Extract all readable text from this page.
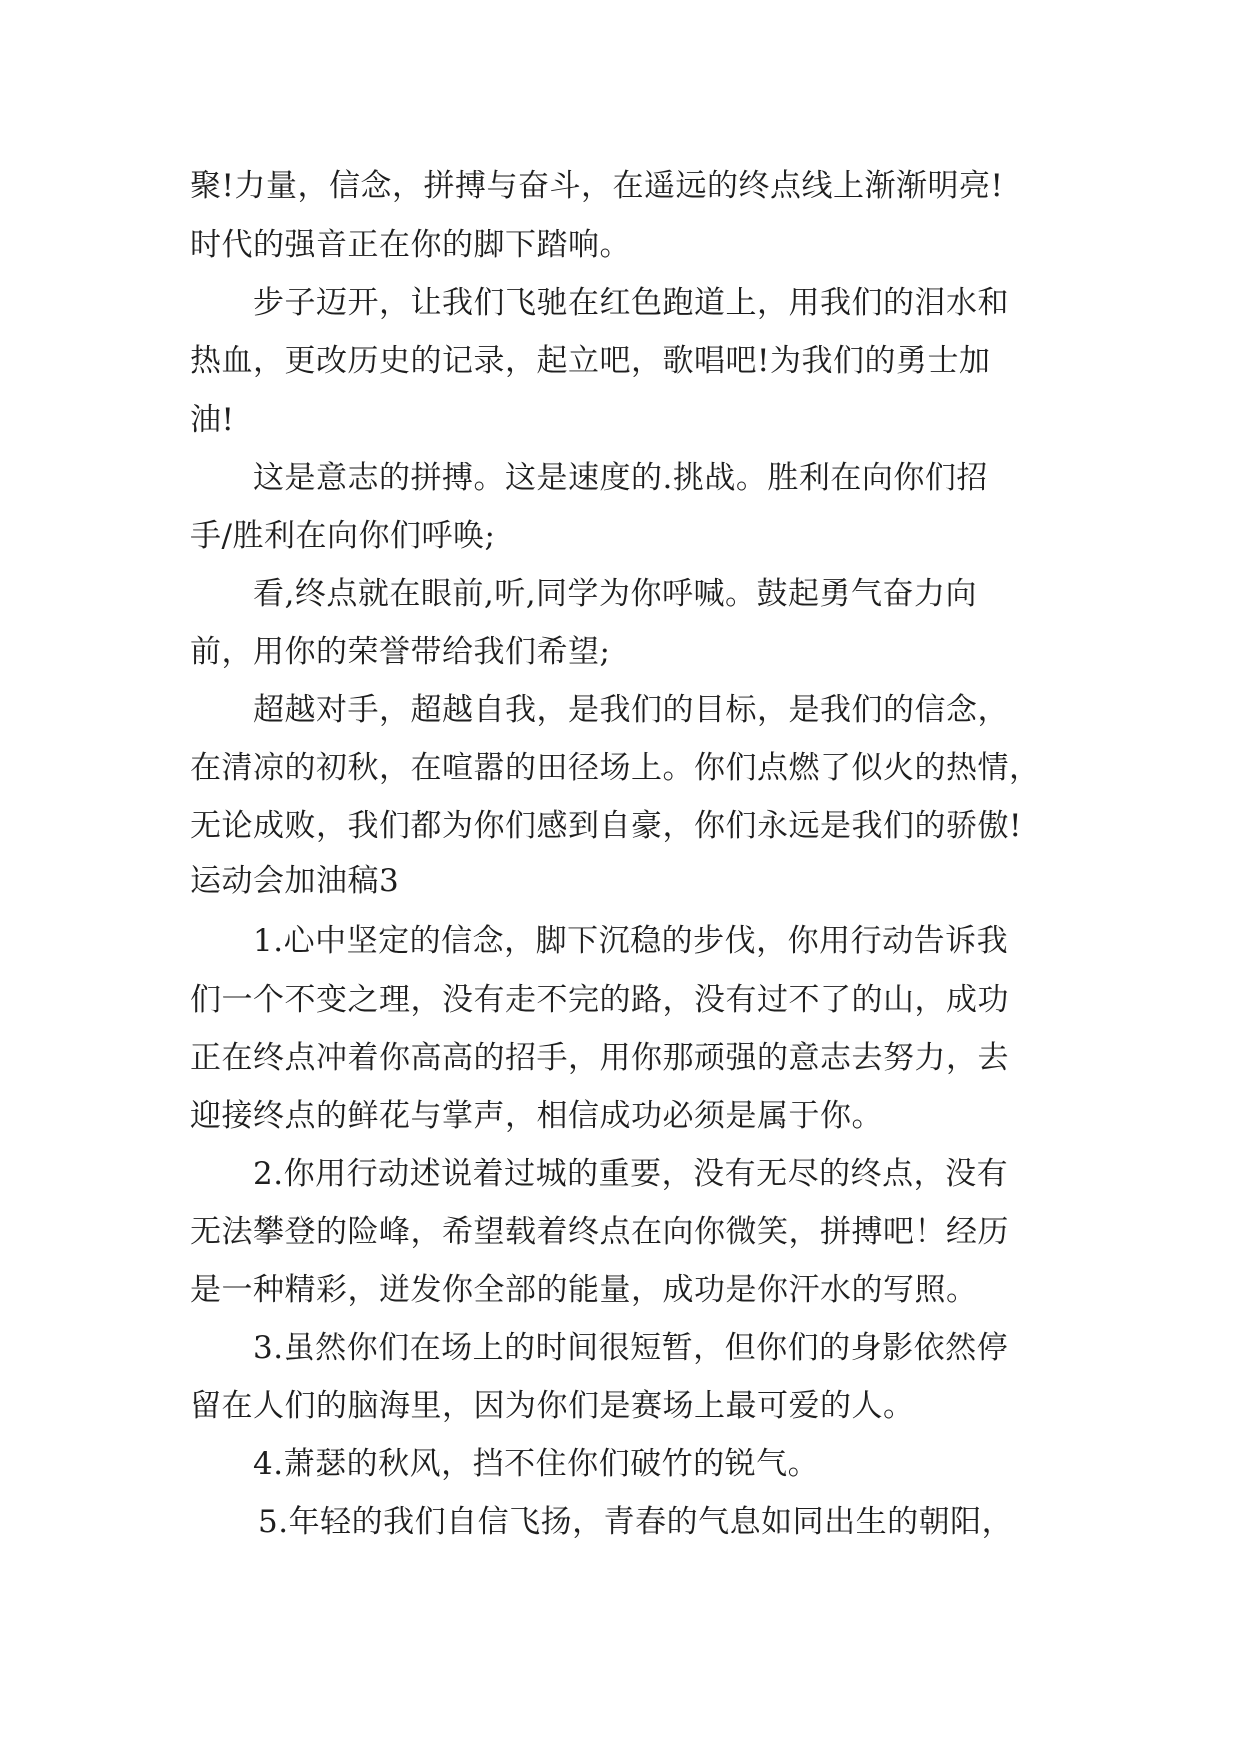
聚!力量，信念，拼搏与奋斗，在遥远的终点线上渐渐明亮!
时代的强音正在你的脚下踏响。
步子迈开，让我们飞驰在红色跑道上，用我们的泪水和
热血，更改历史的记录，起立吧，歌唱吧!为我们的勇士加
油!
这是意志的拼搏。这是速度的.挑战。胜利在向你们招
手/胜利在向你们呼唤;
看,终点就在眼前,听,同学为你呼喊。鼓起勇气奋力向
前，用你的荣誉带给我们希望;
超越对手，超越自我，是我们的目标，是我们的信念，
在清凉的初秋，在喧嚣的田径场上。你们点燃了似火的热情，
无论成败，我们都为你们感到自豪，你们永远是我们的骄傲!
运动会加油稿3
1.心中坚定的信念，脚下沉稳的步伐，你用行动告诉我
们一个不变之理，没有走不完的路，没有过不了的山，成功
正在终点冲着你高高的招手，用你那顽强的意志去努力，去
迎接终点的鲜花与掌声，相信成功必须是属于你。
2.你用行动述说着过城的重要，没有无尽的终点，没有
无法攀登的险峰，希望载着终点在向你微笑，拼搏吧！经历
是一种精彩，迸发你全部的能量，成功是你汗水的写照。
3.虽然你们在场上的时间很短暂，但你们的身影依然停
留在人们的脑海里，因为你们是赛场上最可爱的人。
4.萧瑟的秋风，挡不住你们破竹的锐气。
5.年轻的我们自信飞扬，青春的气息如同出生的朝阳，
